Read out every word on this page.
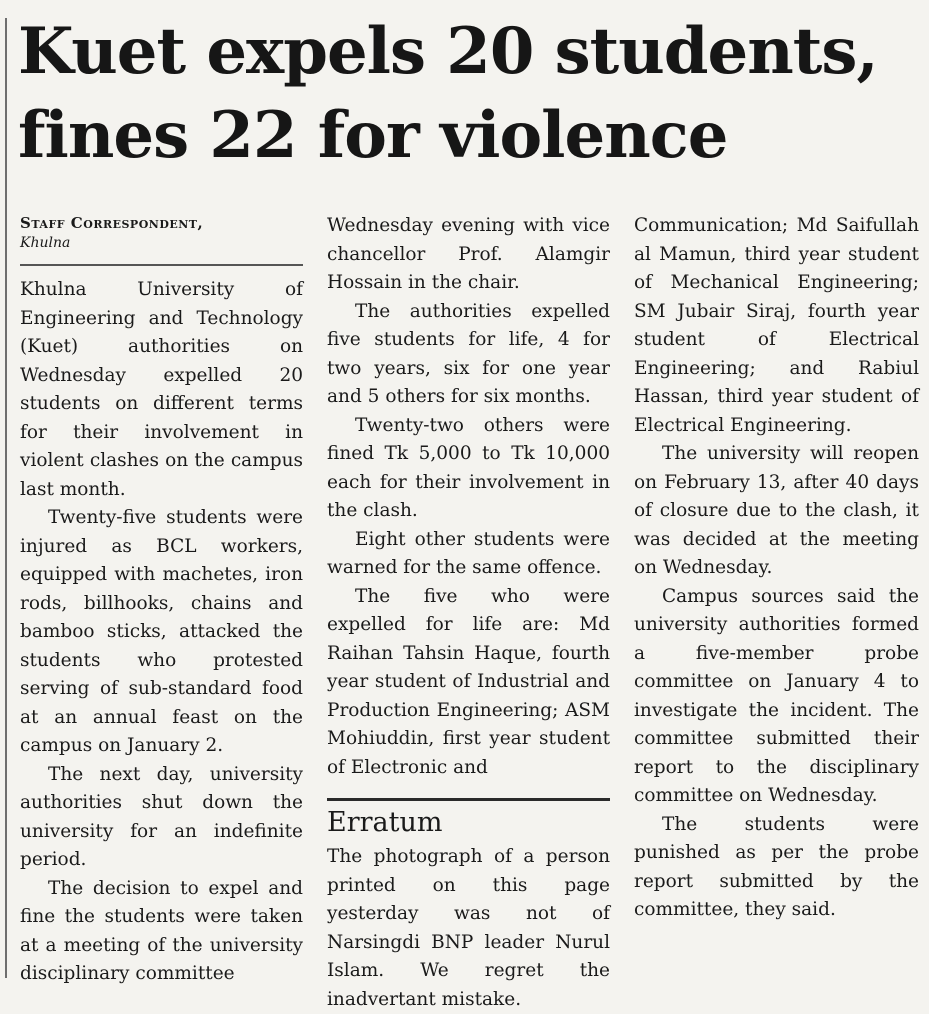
Kuet expels 20 students, fines 22 for violence
Staff Correspondent,
Khulna

Khulna University of Engineering and Technology (Kuet) authorities on Wednesday expelled 20 students on different terms for their involvement in violent clashes on the campus last month.

Twenty-five students were injured as BCL workers, equipped with machetes, iron rods, billhooks, chains and bamboo sticks, attacked the students who protested serving of sub-standard food at an annual feast on the campus on January 2.

The next day, university authorities shut down the university for an indefinite period.

The decision to expel and fine the students were taken at a meeting of the university disciplinary committee

Wednesday evening with vice chancellor Prof. Alamgir Hossain in the chair.

The authorities expelled five students for life, 4 for two years, six for one year and 5 others for six months.

Twenty-two others were fined Tk 5,000 to Tk 10,000 each for their involvement in the clash.

Eight other students were warned for the same offence.

The five who were expelled for life are: Md Raihan Tahsin Haque, fourth year student of Industrial and Production Engineering; ASM Mohiuddin, first year student of Electronic and

Erratum

The photograph of a person printed on this page yesterday was not of Narsingdi BNP leader Nurul Islam. We regret the inadvertant mistake.

Communication; Md Saifullah al Mamun, third year student of Mechanical Engineering; SM Jubair Siraj, fourth year student of Electrical Engineering; and Rabiul Hassan, third year student of Electrical Engineering.

The university will reopen on February 13, after 40 days of closure due to the clash, it was decided at the meeting on Wednesday.

Campus sources said the university authorities formed a five-member probe committee on January 4 to investigate the incident. The committee submitted their report to the disciplinary committee on Wednesday.

The students were punished as per the probe report submitted by the committee, they said.
